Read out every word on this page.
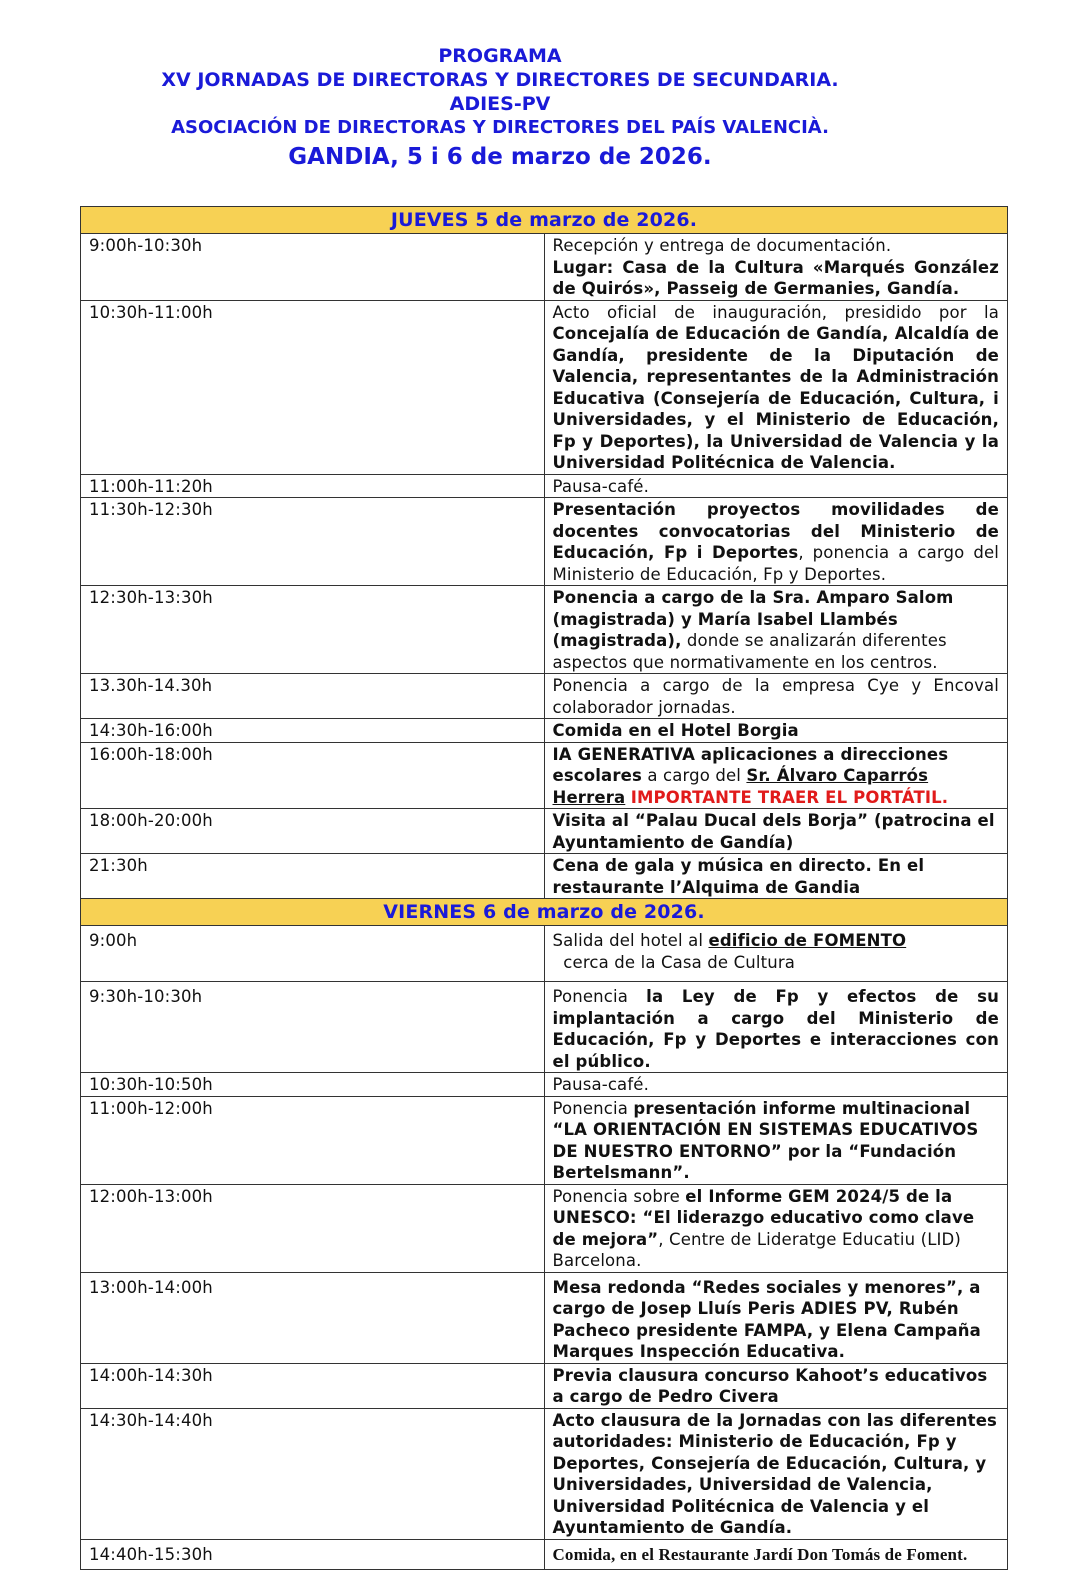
PROGRAMA
XV JORNADAS DE DIRECTORAS Y DIRECTORES DE SECUNDARIA.
ADIES-PV
ASOCIACIÓN DE DIRECTORAS Y DIRECTORES DEL PAÍS VALENCIÀ.
GANDIA, 5 i 6 de marzo de 2026.
JUEVES 5 de marzo de 2026.	
9:00h-10:30h	Recepción y entrega de documentación.
Lugar: Casa de la Cultura «Marqués González de Quirós», Passeig de Germanies, Gandía.
10:30h-11:00h	Acto oficial de inauguración, presidido por la Concejalía de Educación de Gandía, Alcaldía de Gandía, presidente de la Diputación de Valencia, representantes de la Administración Educativa (Consejería de Educación, Cultura, i Universidades, y el Ministerio de Educación, Fp y Deportes), la Universidad de Valencia y la Universidad Politécnica de Valencia.
11:00h-11:20h	Pausa-café.
11:30h-12:30h	Presentación proyectos movilidades de docentes convocatorias del Ministerio de Educación, Fp i Deportes, ponencia a cargo del Ministerio de Educación, Fp y Deportes.
12:30h-13:30h	Ponencia a cargo de la Sra. Amparo Salom (magistrada) y María Isabel Llambés (magistrada), donde se analizarán diferentes aspectos que normativamente en los centros.
13.30h-14.30h	Ponencia a cargo de la empresa Cye y Encoval colaborador jornadas.
14:30h-16:00h	Comida en el Hotel Borgia
16:00h-18:00h	IA GENERATIVA aplicaciones a direcciones escolares a cargo del Sr. Álvaro Caparrós Herrera IMPORTANTE TRAER EL PORTÁTIL.
18:00h-20:00h	Visita al “Palau Ducal dels Borja” (patrocina el Ayuntamiento de Gandía)
21:30h	Cena de gala y música en directo. En el restaurante l’Alquima de Gandia
VIERNES 6 de marzo de 2026.	
9:00h	Salida del hotel al edificio de FOMENTO  cerca de la Casa de Cultura
9:30h-10:30h	Ponencia la Ley de Fp y efectos de su implantación a cargo del Ministerio de Educación, Fp y Deportes e interacciones con el público.
10:30h-10:50h	Pausa-café.
11:00h-12:00h	Ponencia presentación informe multinacional “LA ORIENTACIÓN EN SISTEMAS EDUCATIVOS DE NUESTRO ENTORNO” por la “Fundación Bertelsmann”.
12:00h-13:00h	Ponencia sobre el Informe GEM 2024/5 de la UNESCO: “El liderazgo educativo como clave de mejora”, Centre de Lideratge Educatiu (LID) Barcelona.
13:00h-14:00h	Mesa redonda “Redes sociales y menores”, a cargo de Josep Lluís Peris ADIES PV, Rubén Pacheco presidente FAMPA, y Elena Campaña Marques Inspección Educativa.
14:00h-14:30h	Previa clausura concurso Kahoot’s educativos a cargo de Pedro Civera
14:30h-14:40h	Acto clausura de la Jornadas con las diferentes autoridades: Ministerio de Educación, Fp y Deportes, Consejería de Educación, Cultura, y Universidades, Universidad de Valencia, Universidad Politécnica de Valencia y el Ayuntamiento de Gandía.
14:40h-15:30h	Comida, en el Restaurante Jardí Don Tomás de Foment.
